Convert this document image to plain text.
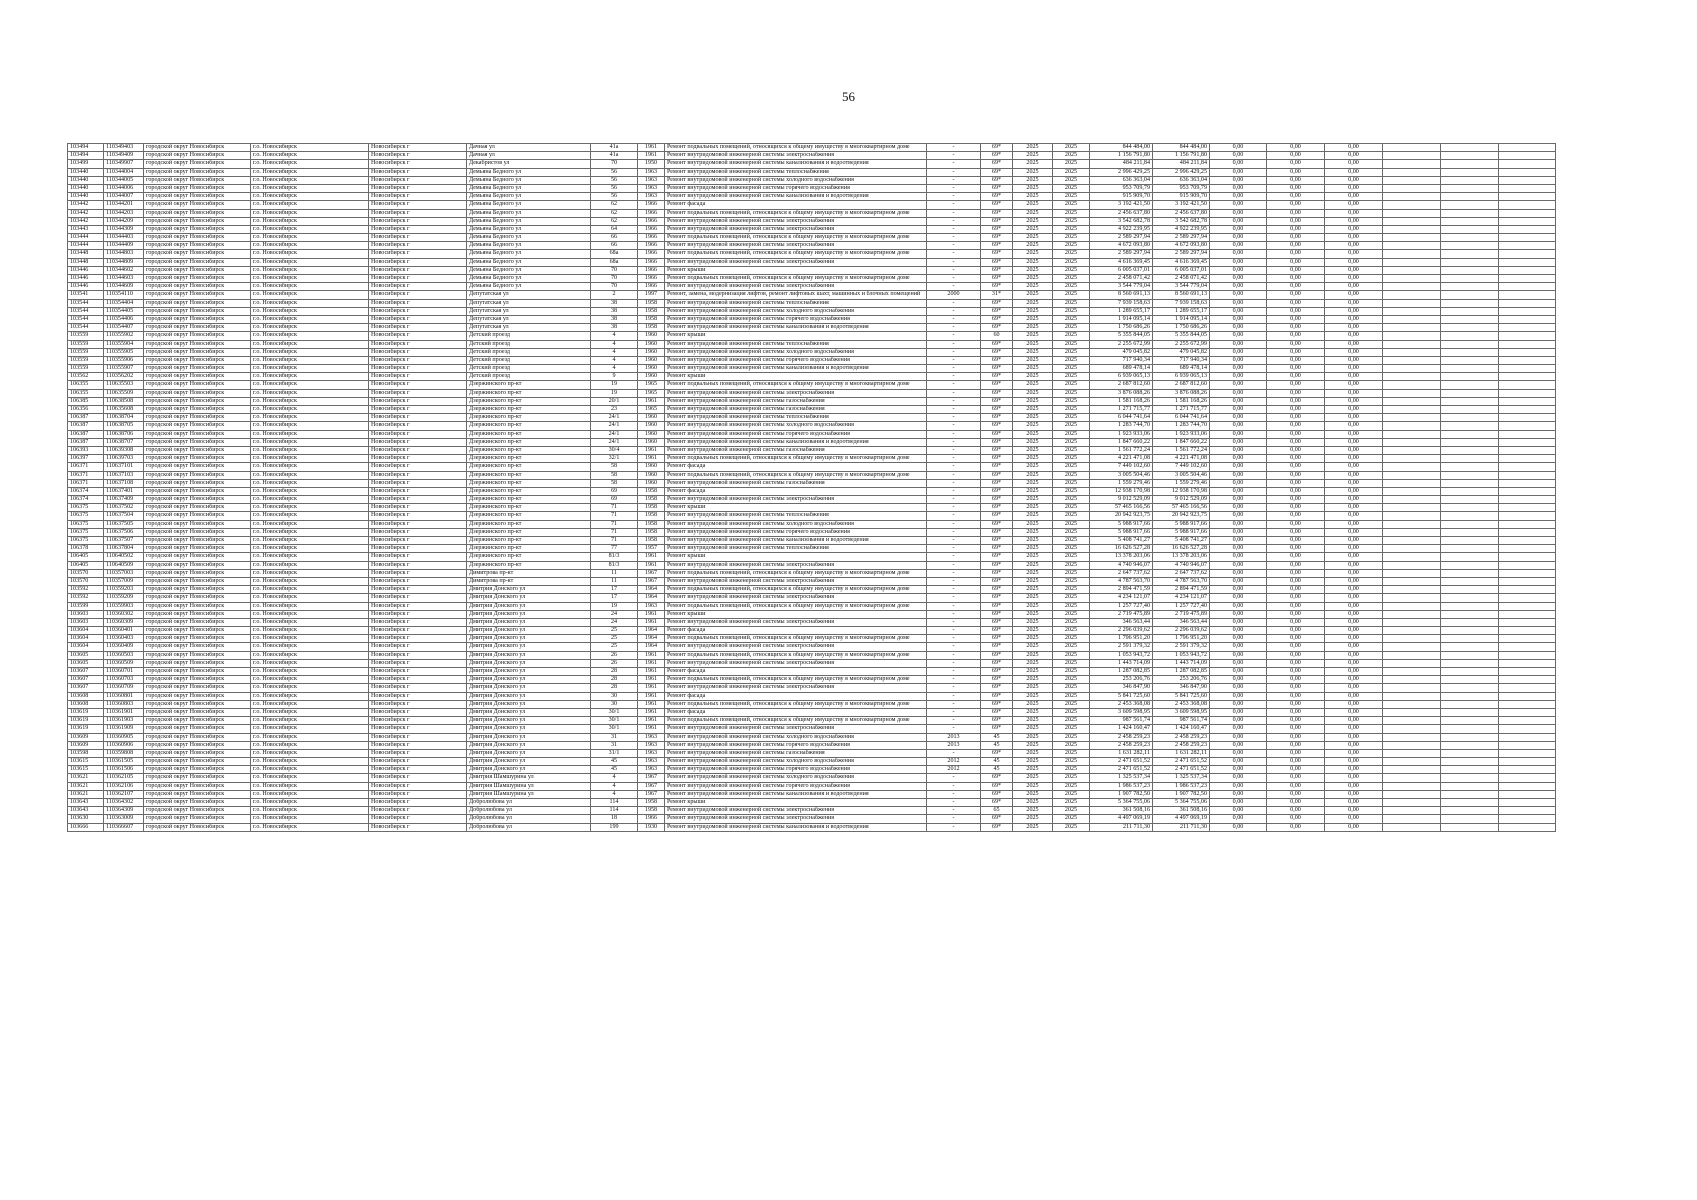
56
103494	110349403	городской округ Новосибирск	г.о. Новосибирск	Новосибирск г	Дачная ул	41а	1961	Ремонт подвальных помещений, относящихся к общему имуществу в многоквартирном доме	-	69*	2025	2025	844 484,00	844 484,00	0,00	0,00	0,00			
103494	110349409	городской округ Новосибирск	г.о. Новосибирск	Новосибирск г	Дачная ул	41а	1961	Ремонт внутридомовой инженерной системы электроснабжения	-	69*	2025	2025	1 156 791,80	1 156 791,80	0,00	0,00	0,00			
103499	110349907	городской округ Новосибирск	г.о. Новосибирск	Новосибирск г	Декабристов ул	70	1950	Ремонт внутридомовой инженерной системы канализования и водоотведения	-	69*	2025	2025	484 211,84	484 211,84	0,00	0,00	0,00			
103440	110344004	городской округ Новосибирск	г.о. Новосибирск	Новосибирск г	Демьяна Бедного ул	56	1963	Ремонт внутридомовой инженерной системы теплоснабжения	-	69*	2025	2025	2 996 429,25	2 996 429,25	0,00	0,00	0,00			
103440	110344005	городской округ Новосибирск	г.о. Новосибирск	Новосибирск г	Демьяна Бедного ул	56	1963	Ремонт внутридомовой инженерной системы холодного водоснабжения	-	69*	2025	2025	636 363,04	636 363,04	0,00	0,00	0,00			
103440	110344006	городской округ Новосибирск	г.о. Новосибирск	Новосибирск г	Демьяна Бедного ул	56	1963	Ремонт внутридомовой инженерной системы горячего водоснабжения	-	69*	2025	2025	953 709,79	953 709,79	0,00	0,00	0,00			
103440	110344007	городской округ Новосибирск	г.о. Новосибирск	Новосибирск г	Демьяна Бедного ул	56	1963	Ремонт внутридомовой инженерной системы канализования и водоотведения	-	69*	2025	2025	915 909,70	915 909,70	0,00	0,00	0,00			
103442	110344201	городской округ Новосибирск	г.о. Новосибирск	Новосибирск г	Демьяна Бедного ул	62	1966	Ремонт фасада	-	69*	2025	2025	3 192 421,50	3 192 421,50	0,00	0,00	0,00			
103442	110344203	городской округ Новосибирск	г.о. Новосибирск	Новосибирск г	Демьяна Бедного ул	62	1966	Ремонт подвальных помещений, относящихся к общему имуществу в многоквартирном доме	-	69*	2025	2025	2 456 637,80	2 456 637,80	0,00	0,00	0,00			
103442	110344209	городской округ Новосибирск	г.о. Новосибирск	Новосибирск г	Демьяна Бедного ул	62	1966	Ремонт внутридомовой инженерной системы электроснабжения	-	69*	2025	2025	3 542 682,78	3 542 682,78	0,00	0,00	0,00			
103443	110344309	городской округ Новосибирск	г.о. Новосибирск	Новосибирск г	Демьяна Бедного ул	64	1966	Ремонт внутридомовой инженерной системы электроснабжения	-	69*	2025	2025	4 922 239,95	4 922 239,95	0,00	0,00	0,00			
103444	110344403	городской округ Новосибирск	г.о. Новосибирск	Новосибирск г	Демьяна Бедного ул	66	1966	Ремонт подвальных помещений, относящихся к общему имуществу в многоквартирном доме	-	69*	2025	2025	2 589 297,94	2 589 297,94	0,00	0,00	0,00			
103444	110344409	городской округ Новосибирск	г.о. Новосибирск	Новосибирск г	Демьяна Бедного ул	66	1966	Ремонт внутридомовой инженерной системы электроснабжения	-	69*	2025	2025	4 672 093,80	4 672 093,80	0,00	0,00	0,00			
103448	110344803	городской округ Новосибирск	г.о. Новосибирск	Новосибирск г	Демьяна Бедного ул	68а	1966	Ремонт подвальных помещений, относящихся к общему имуществу в многоквартирном доме	-	69*	2025	2025	2 589 297,94	2 589 297,94	0,00	0,00	0,00			
103448	110344809	городской округ Новосибирск	г.о. Новосибирск	Новосибирск г	Демьяна Бедного ул	68а	1966	Ремонт внутридомовой инженерной системы электроснабжения	-	69*	2025	2025	4 616 369,45	4 616 369,45	0,00	0,00	0,00			
103446	110344602	городской округ Новосибирск	г.о. Новосибирск	Новосибирск г	Демьяна Бедного ул	70	1966	Ремонт крыши	-	69*	2025	2025	6 005 037,01	6 005 037,01	0,00	0,00	0,00			
103446	110344603	городской округ Новосибирск	г.о. Новосибирск	Новосибирск г	Демьяна Бедного ул	70	1966	Ремонт подвальных помещений, относящихся к общему имуществу в многоквартирном доме	-	69*	2025	2025	2 458 071,42	2 458 071,42	0,00	0,00	0,00			
103446	110344609	городской округ Новосибирск	г.о. Новосибирск	Новосибирск г	Демьяна Бедного ул	70	1966	Ремонт внутридомовой инженерной системы электроснабжения	-	69*	2025	2025	3 544 779,04	3 544 779,04	0,00	0,00	0,00			
103541	110354110	городской округ Новосибирск	г.о. Новосибирск	Новосибирск г	Депутатская ул	2	1997	Ремонт, замена, модернизация лифтов, ремонт лифтовых шахт, машинных и блочных помещений	2000	31*	2025	2025	8 560 691,13	8 560 691,13	0,00	0,00	0,00			
103544	110354404	городской округ Новосибирск	г.о. Новосибирск	Новосибирск г	Депутатская ул	38	1958	Ремонт внутридомовой инженерной системы теплоснабжения	-	69*	2025	2025	7 939 158,63	7 939 158,63	0,00	0,00	0,00			
103544	110354405	городской округ Новосибирск	г.о. Новосибирск	Новосибирск г	Депутатская ул	38	1958	Ремонт внутридомовой инженерной системы холодного водоснабжения	-	69*	2025	2025	1 289 655,17	1 289 655,17	0,00	0,00	0,00			
103544	110354406	городской округ Новосибирск	г.о. Новосибирск	Новосибирск г	Депутатская ул	38	1958	Ремонт внутридомовой инженерной системы горячего водоснабжения	-	69*	2025	2025	1 914 095,14	1 914 095,14	0,00	0,00	0,00			
103544	110354407	городской округ Новосибирск	г.о. Новосибирск	Новосибирск г	Депутатская ул	38	1958	Ремонт внутридомовой инженерной системы канализования и водоотведения	-	69*	2025	2025	1 750 686,26	1 750 686,26	0,00	0,00	0,00			
103559	110355902	городской округ Новосибирск	г.о. Новосибирск	Новосибирск г	Детский проезд	4	1960	Ремонт крыши	-	60	2025	2025	5 355 844,05	5 355 844,05	0,00	0,00	0,00			
103559	110355904	городской округ Новосибирск	г.о. Новосибирск	Новосибирск г	Детский проезд	4	1960	Ремонт внутридомовой инженерной системы теплоснабжения	-	69*	2025	2025	2 255 672,99	2 255 672,99	0,00	0,00	0,00			
103559	110355905	городской округ Новосибирск	г.о. Новосибирск	Новосибирск г	Детский проезд	4	1960	Ремонт внутридомовой инженерной системы холодного водоснабжения	-	69*	2025	2025	479 045,82	479 045,82	0,00	0,00	0,00			
103559	110355906	городской округ Новосибирск	г.о. Новосибирск	Новосибирск г	Детский проезд	4	1960	Ремонт внутридомовой инженерной системы горячего водоснабжения	-	69*	2025	2025	717 940,34	717 940,34	0,00	0,00	0,00			
103559	110355907	городской округ Новосибирск	г.о. Новосибирск	Новосибирск г	Детский проезд	4	1960	Ремонт внутридомовой инженерной системы канализования и водоотведения	-	69*	2025	2025	689 478,14	689 478,14	0,00	0,00	0,00			
103562	110356202	городской округ Новосибирск	г.о. Новосибирск	Новосибирск г	Детский проезд	9	1960	Ремонт крыши	-	69*	2025	2025	6 939 065,13	6 939 065,13	0,00	0,00	0,00			
106355	110635503	городской округ Новосибирск	г.о. Новосибирск	Новосибирск г	Дзержинского пр-кт	19	1965	Ремонт подвальных помещений, относящихся к общему имуществу в многоквартирном доме	-	69*	2025	2025	2 687 812,60	2 687 812,60	0,00	0,00	0,00			
106355	110635509	городской округ Новосибирск	г.о. Новосибирск	Новосибирск г	Дзержинского пр-кт	19	1965	Ремонт внутридомовой инженерной системы электроснабжения	-	69*	2025	2025	3 876 088,26	3 876 088,26	0,00	0,00	0,00			
106385	110638508	городской округ Новосибирск	г.о. Новосибирск	Новосибирск г	Дзержинского пр-кт	20/1	1961	Ремонт внутридомовой инженерной системы газоснабжения	-	69*	2025	2025	1 581 168,26	1 581 168,26	0,00	0,00	0,00			
106356	110635608	городской округ Новосибирск	г.о. Новосибирск	Новосибирск г	Дзержинского пр-кт	23	1965	Ремонт внутридомовой инженерной системы газоснабжения	-	69*	2025	2025	1 271 715,77	1 271 715,77	0,00	0,00	0,00			
106387	110638704	городской округ Новосибирск	г.о. Новосибирск	Новосибирск г	Дзержинского пр-кт	24/1	1960	Ремонт внутридомовой инженерной системы теплоснабжения	-	69*	2025	2025	6 044 741,64	6 044 741,64	0,00	0,00	0,00			
106387	110638705	городской округ Новосибирск	г.о. Новосибирск	Новосибирск г	Дзержинского пр-кт	24/1	1960	Ремонт внутридомовой инженерной системы холодного водоснабжения	-	69*	2025	2025	1 283 744,70	1 283 744,70	0,00	0,00	0,00			
106387	110638706	городской округ Новосибирск	г.о. Новосибирск	Новосибирск г	Дзержинского пр-кт	24/1	1960	Ремонт внутридомовой инженерной системы горячего водоснабжения	-	69*	2025	2025	1 923 933,06	1 923 933,06	0,00	0,00	0,00			
106387	110638707	городской округ Новосибирск	г.о. Новосибирск	Новосибирск г	Дзержинского пр-кт	24/1	1960	Ремонт внутридомовой инженерной системы канализования и водоотведения	-	69*	2025	2025	1 847 660,22	1 847 660,22	0,00	0,00	0,00			
106393	110639308	городской округ Новосибирск	г.о. Новосибирск	Новосибирск г	Дзержинского пр-кт	30/4	1961	Ремонт внутридомовой инженерной системы газоснабжения	-	69*	2025	2025	1 561 772,24	1 561 772,24	0,00	0,00	0,00			
106397	110639703	городской округ Новосибирск	г.о. Новосибирск	Новосибирск г	Дзержинского пр-кт	32/1	1961	Ремонт подвальных помещений, относящихся к общему имуществу в многоквартирном доме	-	69*	2025	2025	4 221 471,08	4 221 471,08	0,00	0,00	0,00			
106371	110637101	городской округ Новосибирск	г.о. Новосибирск	Новосибирск г	Дзержинского пр-кт	58	1960	Ремонт фасада	-	69*	2025	2025	7 449 102,60	7 449 102,60	0,00	0,00	0,00			
106371	110637103	городской округ Новосибирск	г.о. Новосибирск	Новосибирск г	Дзержинского пр-кт	58	1960	Ремонт подвальных помещений, относящихся к общему имуществу в многоквартирном доме	-	69*	2025	2025	3 005 504,46	3 005 504,46	0,00	0,00	0,00			
106371	110637108	городской округ Новосибирск	г.о. Новосибирск	Новосибирск г	Дзержинского пр-кт	58	1960	Ремонт внутридомовой инженерной системы газоснабжения	-	69*	2025	2025	1 559 279,46	1 559 279,46	0,00	0,00	0,00			
106374	110637401	городской округ Новосибирск	г.о. Новосибирск	Новосибирск г	Дзержинского пр-кт	69	1958	Ремонт фасада	-	69*	2025	2025	12 938 170,98	12 938 170,98	0,00	0,00	0,00			
106374	110637409	городской округ Новосибирск	г.о. Новосибирск	Новосибирск г	Дзержинского пр-кт	69	1958	Ремонт внутридомовой инженерной системы электроснабжения	-	69*	2025	2025	9 012 529,09	9 012 529,09	0,00	0,00	0,00			
106375	110637502	городской округ Новосибирск	г.о. Новосибирск	Новосибирск г	Дзержинского пр-кт	71	1958	Ремонт крыши	-	69*	2025	2025	57 465 166,56	57 465 166,56	0,00	0,00	0,00			
106375	110637504	городской округ Новосибирск	г.о. Новосибирск	Новосибирск г	Дзержинского пр-кт	71	1958	Ремонт внутридомовой инженерной системы теплоснабжения	-	69*	2025	2025	20 942 923,75	20 942 923,75	0,00	0,00	0,00			
106375	110637505	городской округ Новосибирск	г.о. Новосибирск	Новосибирск г	Дзержинского пр-кт	71	1958	Ремонт внутридомовой инженерной системы холодного водоснабжения	-	69*	2025	2025	5 988 917,66	5 988 917,66	0,00	0,00	0,00			
106375	110637506	городской округ Новосибирск	г.о. Новосибирск	Новосибирск г	Дзержинского пр-кт	71	1958	Ремонт внутридомовой инженерной системы горячего водоснабжения	-	69*	2025	2025	5 988 917,66	5 988 917,66	0,00	0,00	0,00			
106375	110637507	городской округ Новосибирск	г.о. Новосибирск	Новосибирск г	Дзержинского пр-кт	71	1958	Ремонт внутридомовой инженерной системы канализования и водоотведения	-	69*	2025	2025	5 408 741,27	5 408 741,27	0,00	0,00	0,00			
106378	110637804	городской округ Новосибирск	г.о. Новосибирск	Новосибирск г	Дзержинского пр-кт	77	1957	Ремонт внутридомовой инженерной системы теплоснабжения	-	69*	2025	2025	16 626 527,28	16 626 527,28	0,00	0,00	0,00			
106405	110640502	городской округ Новосибирск	г.о. Новосибирск	Новосибирск г	Дзержинского пр-кт	81/3	1961	Ремонт крыши	-	69*	2025	2025	13 378 203,06	13 378 203,06	0,00	0,00	0,00			
106405	110640509	городской округ Новосибирск	г.о. Новосибирск	Новосибирск г	Дзержинского пр-кт	81/3	1961	Ремонт внутридомовой инженерной системы электроснабжения	-	69*	2025	2025	4 740 946,07	4 740 946,07	0,00	0,00	0,00			
103570	110357003	городской округ Новосибирск	г.о. Новосибирск	Новосибирск г	Димитрова пр-кт	11	1967	Ремонт подвальных помещений, относящихся к общему имуществу в многоквартирном доме	-	69*	2025	2025	2 647 737,62	2 647 737,62	0,00	0,00	0,00			
103570	110357009	городской округ Новосибирск	г.о. Новосибирск	Новосибирск г	Димитрова пр-кт	11	1967	Ремонт внутридомовой инженерной системы электроснабжения	-	69*	2025	2025	4 787 563,70	4 787 563,70	0,00	0,00	0,00			
103592	110359203	городской округ Новосибирск	г.о. Новосибирск	Новосибирск г	Дмитрия Донского ул	17	1964	Ремонт подвальных помещений, относящихся к общему имуществу в многоквартирном доме	-	69*	2025	2025	2 894 471,59	2 894 471,59	0,00	0,00	0,00			
103592	110359209	городской округ Новосибирск	г.о. Новосибирск	Новосибирск г	Дмитрия Донского ул	17	1964	Ремонт внутридомовой инженерной системы электроснабжения	-	69*	2025	2025	4 234 121,07	4 234 121,07	0,00	0,00	0,00			
103599	110359903	городской округ Новосибирск	г.о. Новосибирск	Новосибирск г	Дмитрия Донского ул	19	1963	Ремонт подвальных помещений, относящихся к общему имуществу в многоквартирном доме	-	69*	2025	2025	1 257 727,40	1 257 727,40	0,00	0,00	0,00			
103603	110360302	городской округ Новосибирск	г.о. Новосибирск	Новосибирск г	Дмитрия Донского ул	24	1961	Ремонт крыши	-	69*	2025	2025	2 719 475,89	2 719 475,89	0,00	0,00	0,00			
103603	110360309	городской округ Новосибирск	г.о. Новосибирск	Новосибирск г	Дмитрия Донского ул	24	1961	Ремонт внутридомовой инженерной системы электроснабжения	-	69*	2025	2025	346 563,44	346 563,44	0,00	0,00	0,00			
103604	110360401	городской округ Новосибирск	г.о. Новосибирск	Новосибирск г	Дмитрия Донского ул	25	1964	Ремонт фасада	-	69*	2025	2025	2 296 039,62	2 296 039,62	0,00	0,00	0,00			
103604	110360403	городской округ Новосибирск	г.о. Новосибирск	Новосибирск г	Дмитрия Донского ул	25	1964	Ремонт подвальных помещений, относящихся к общему имуществу в многоквартирном доме	-	69*	2025	2025	1 796 951,20	1 796 951,20	0,00	0,00	0,00			
103604	110360409	городской округ Новосибирск	г.о. Новосибирск	Новосибирск г	Дмитрия Донского ул	25	1964	Ремонт внутридомовой инженерной системы электроснабжения	-	69*	2025	2025	2 591 379,32	2 591 379,32	0,00	0,00	0,00			
103605	110360503	городской округ Новосибирск	г.о. Новосибирск	Новосибирск г	Дмитрия Донского ул	26	1961	Ремонт подвальных помещений, относящихся к общему имуществу в многоквартирном доме	-	69*	2025	2025	1 053 943,72	1 053 943,72	0,00	0,00	0,00			
103605	110360509	городской округ Новосибирск	г.о. Новосибирск	Новосибирск г	Дмитрия Донского ул	26	1961	Ремонт внутридомовой инженерной системы электроснабжения	-	69*	2025	2025	1 443 714,09	1 443 714,09	0,00	0,00	0,00			
103607	110360701	городской округ Новосибирск	г.о. Новосибирск	Новосибирск г	Дмитрия Донского ул	28	1961	Ремонт фасада	-	69*	2025	2025	1 287 082,85	1 287 082,85	0,00	0,00	0,00			
103607	110360703	городской округ Новосибирск	г.о. Новосибирск	Новосибирск г	Дмитрия Донского ул	28	1961	Ремонт подвальных помещений, относящихся к общему имуществу в многоквартирном доме	-	69*	2025	2025	253 206,76	253 206,76	0,00	0,00	0,00			
103607	110360709	городской округ Новосибирск	г.о. Новосибирск	Новосибирск г	Дмитрия Донского ул	28	1961	Ремонт внутридомовой инженерной системы электроснабжения	-	69*	2025	2025	346 847,90	346 847,90	0,00	0,00	0,00			
103608	110360801	городской округ Новосибирск	г.о. Новосибирск	Новосибирск г	Дмитрия Донского ул	30	1961	Ремонт фасада	-	69*	2025	2025	5 841 725,60	5 841 725,60	0,00	0,00	0,00			
103608	110360803	городской округ Новосибирск	г.о. Новосибирск	Новосибирск г	Дмитрия Донского ул	30	1961	Ремонт подвальных помещений, относящихся к общему имуществу в многоквартирном доме	-	69*	2025	2025	2 453 368,08	2 453 368,08	0,00	0,00	0,00			
103619	110361901	городской округ Новосибирск	г.о. Новосибирск	Новосибирск г	Дмитрия Донского ул	30/1	1961	Ремонт фасада	-	69*	2025	2025	3 609 598,95	3 609 598,95	0,00	0,00	0,00			
103619	110361903	городской округ Новосибирск	г.о. Новосибирск	Новосибирск г	Дмитрия Донского ул	30/1	1961	Ремонт подвальных помещений, относящихся к общему имуществу в многоквартирном доме	-	69*	2025	2025	987 561,74	987 561,74	0,00	0,00	0,00			
103619	110361909	городской округ Новосибирск	г.о. Новосибирск	Новосибирск г	Дмитрия Донского ул	30/1	1961	Ремонт внутридомовой инженерной системы электроснабжения	-	69*	2025	2025	1 424 160,47	1 424 160,47	0,00	0,00	0,00			
103609	110360905	городской округ Новосибирск	г.о. Новосибирск	Новосибирск г	Дмитрия Донского ул	31	1963	Ремонт внутридомовой инженерной системы холодного водоснабжения	2013	45	2025	2025	2 458 259,23	2 458 259,23	0,00	0,00	0,00			
103609	110360906	городской округ Новосибирск	г.о. Новосибирск	Новосибирск г	Дмитрия Донского ул	31	1963	Ремонт внутридомовой инженерной системы горячего водоснабжения	2013	45	2025	2025	2 458 259,23	2 458 259,23	0,00	0,00	0,00			
103598	110359808	городской округ Новосибирск	г.о. Новосибирск	Новосибирск г	Дмитрия Донского ул	31/1	1963	Ремонт внутридомовой инженерной системы газоснабжения	-	69*	2025	2025	1 631 282,11	1 631 282,11	0,00	0,00	0,00			
103615	110361505	городской округ Новосибирск	г.о. Новосибирск	Новосибирск г	Дмитрия Донского ул	45	1963	Ремонт внутридомовой инженерной системы холодного водоснабжения	2012	45	2025	2025	2 471 651,52	2 471 651,52	0,00	0,00	0,00			
103615	110361506	городской округ Новосибирск	г.о. Новосибирск	Новосибирск г	Дмитрия Донского ул	45	1963	Ремонт внутридомовой инженерной системы горячего водоснабжения	2012	45	2025	2025	2 471 651,52	2 471 651,52	0,00	0,00	0,00			
103621	110362105	городской округ Новосибирск	г.о. Новосибирск	Новосибирск г	Дмитрия Шамшурина ул	4	1967	Ремонт внутридомовой инженерной системы холодного водоснабжения	-	69*	2025	2025	1 325 537,34	1 325 537,34	0,00	0,00	0,00			
103621	110362106	городской округ Новосибирск	г.о. Новосибирск	Новосибирск г	Дмитрия Шамшурина ул	4	1967	Ремонт внутридомовой инженерной системы горячего водоснабжения	-	69*	2025	2025	1 986 537,23	1 986 537,23	0,00	0,00	0,00			
103621	110362107	городской округ Новосибирск	г.о. Новосибирск	Новосибирск г	Дмитрия Шамшурина ул	4	1967	Ремонт внутридомовой инженерной системы канализования и водоотведения	-	69*	2025	2025	1 907 782,50	1 907 782,50	0,00	0,00	0,00			
103643	110364302	городской округ Новосибирск	г.о. Новосибирск	Новосибирск г	Добролюбова ул	114	1958	Ремонт крыши	-	69*	2025	2025	5 364 755,06	5 364 755,06	0,00	0,00	0,00			
103643	110364309	городской округ Новосибирск	г.о. Новосибирск	Новосибирск г	Добролюбова ул	114	1958	Ремонт внутридомовой инженерной системы электроснабжения	-	65	2025	2025	361 508,16	361 508,16	0,00	0,00	0,00			
103630	110363009	городской округ Новосибирск	г.о. Новосибирск	Новосибирск г	Добролюбова ул	18	1966	Ремонт внутридомовой инженерной системы электроснабжения	-	69*	2025	2025	4 497 069,19	4 497 069,19	0,00	0,00	0,00			
103666	110366607	городской округ Новосибирск	г.о. Новосибирск	Новосибирск г	Добролюбова ул	199	1930	Ремонт внутридомовой инженерной системы канализования и водоотведения	-	69*	2025	2025	211 711,30	211 711,30	0,00	0,00	0,00			
